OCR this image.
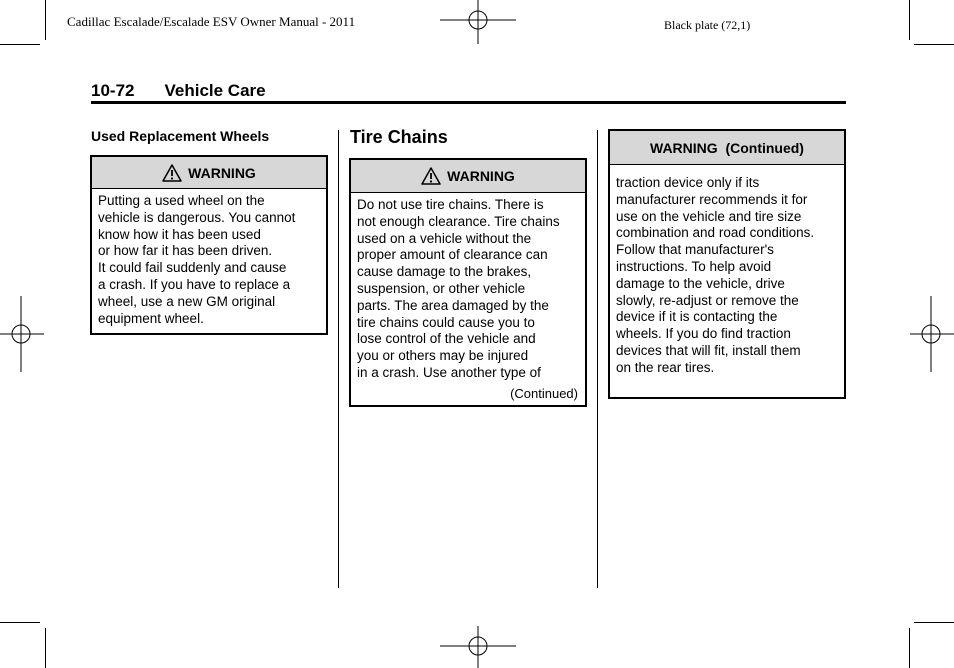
Cadillac Escalade/Escalade ESV Owner Manual - 2011	Black plate (72,1)
10-72 Vehicle Care
Used Replacement Wheels
WARNING
Putting a used wheel on the
vehicle is dangerous. You cannot
know how it has been used
or how far it has been driven.
It could fail suddenly and cause
a crash. If you have to replace a
wheel, use a new GM original
equipment wheel.
Tire Chains
WARNING
Do not use tire chains. There is
not enough clearance. Tire chains
used on a vehicle without the
proper amount of clearance can
cause damage to the brakes,
suspension, or other vehicle
parts. The area damaged by the
tire chains could cause you to
lose control of the vehicle and
you or others may be injured
in a crash. Use another type of
(Continued)
WARNING  (Continued)
traction device only if its
manufacturer recommends it for
use on the vehicle and tire size
combination and road conditions.
Follow that manufacturer's
instructions. To help avoid
damage to the vehicle, drive
slowly, re-adjust or remove the
device if it is contacting the
wheels. If you do find traction
devices that will fit, install them
on the rear tires.
